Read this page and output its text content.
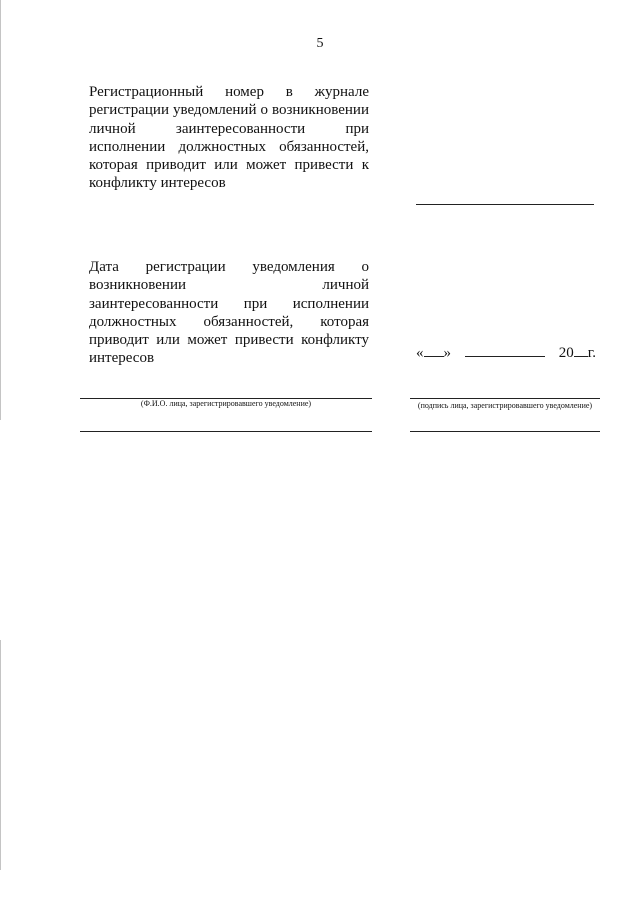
5
Регистрационный номер в журнале регистрации уведомлений о возникновении личной заинтересованности при исполнении должностных обязанностей, которая приводит или может привести к конфликту интересов
Дата регистрации уведомления о возникновении личной заинтересованности при исполнении должностных обязанностей, которая приводит или может привести конфликту интересов	« »	20 г.
(Ф.И.О. лица, зарегистрировавшего уведомление)	(подпись лица, зарегистрировавшего уведомление)
